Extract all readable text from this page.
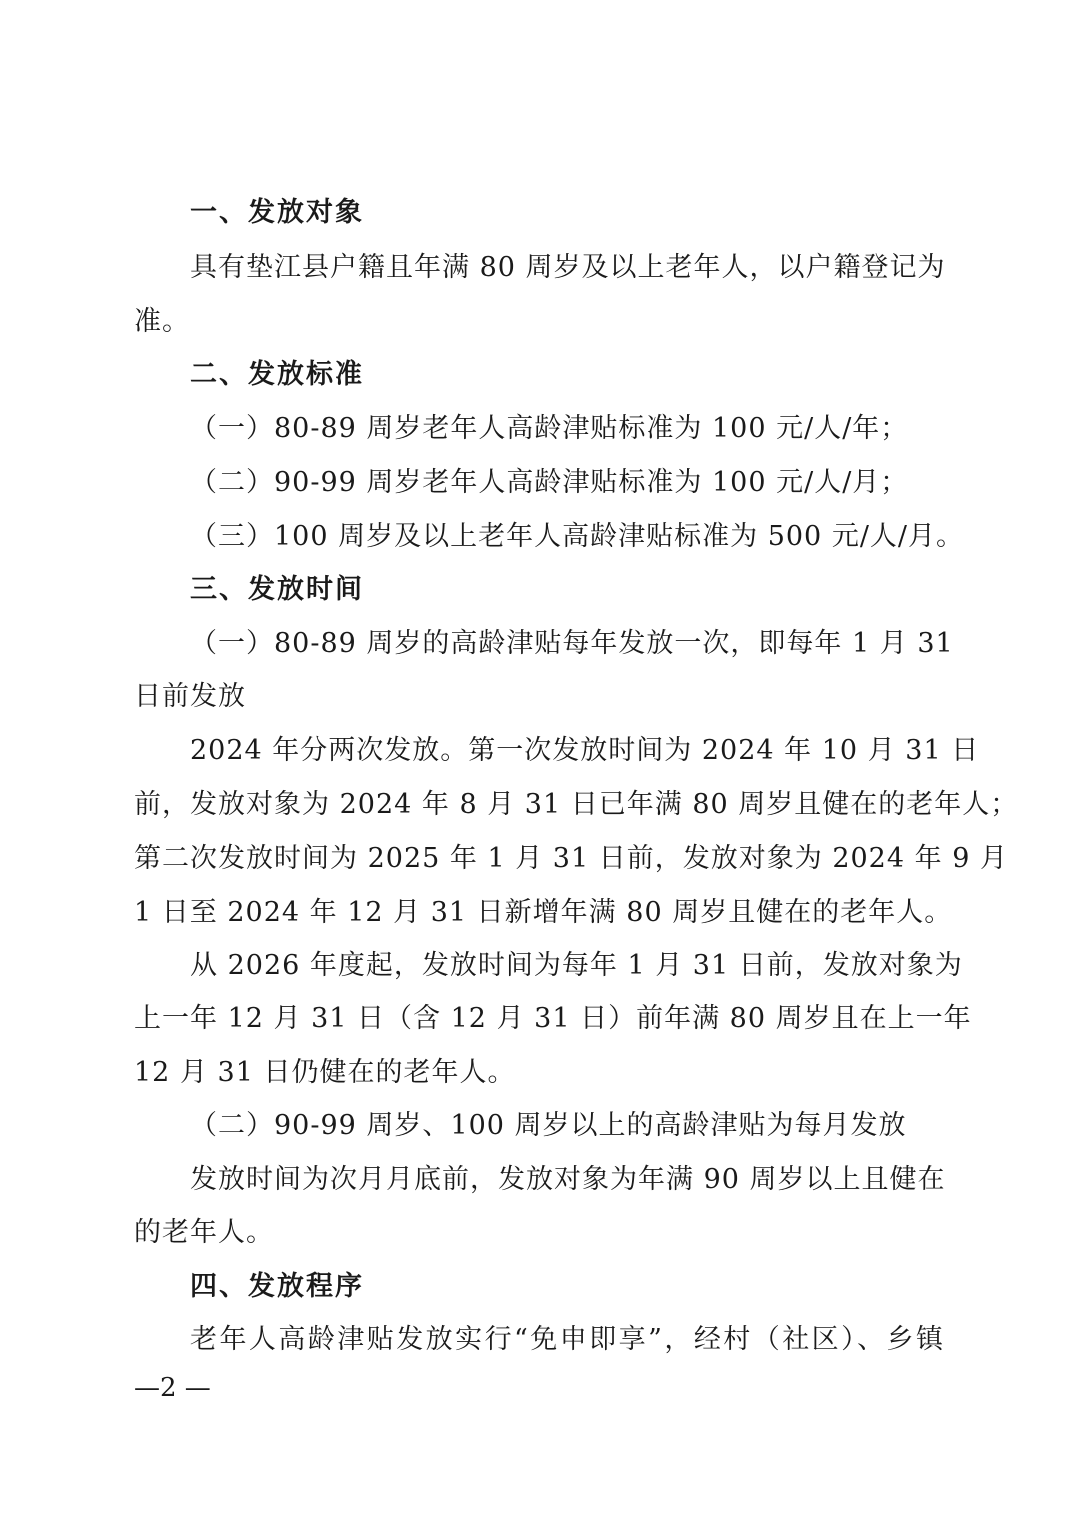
一、发放对象
具有垫江县户籍且年满 80 周岁及以上老年人，以户籍登记为
准。
二、发放标准
（一）80-89 周岁老年人高龄津贴标准为 100 元/人/年；
（二）90-99 周岁老年人高龄津贴标准为 100 元/人/月；
（三）100 周岁及以上老年人高龄津贴标准为 500 元/人/月。
三、发放时间
（一）80-89 周岁的高龄津贴每年发放一次，即每年 1 月 31
日前发放
2024 年分两次发放。第一次发放时间为 2024 年 10 月 31 日
前，发放对象为 2024 年 8 月 31 日已年满 80 周岁且健在的老年人；
第二次发放时间为 2025 年 1 月 31 日前，发放对象为 2024 年 9 月
1 日至 2024 年 12 月 31 日新增年满 80 周岁且健在的老年人。
从 2026 年度起，发放时间为每年 1 月 31 日前，发放对象为
上一年 12 月 31 日（含 12 月 31 日）前年满 80 周岁且在上一年
12 月 31 日仍健在的老年人。
（二）90-99 周岁、100 周岁以上的高龄津贴为每月发放
发放时间为次月月底前，发放对象为年满 90 周岁以上且健在
的老年人。
四、发放程序
老年人高龄津贴发放实行“免申即享”，经村（社区）、乡镇
—2 —
